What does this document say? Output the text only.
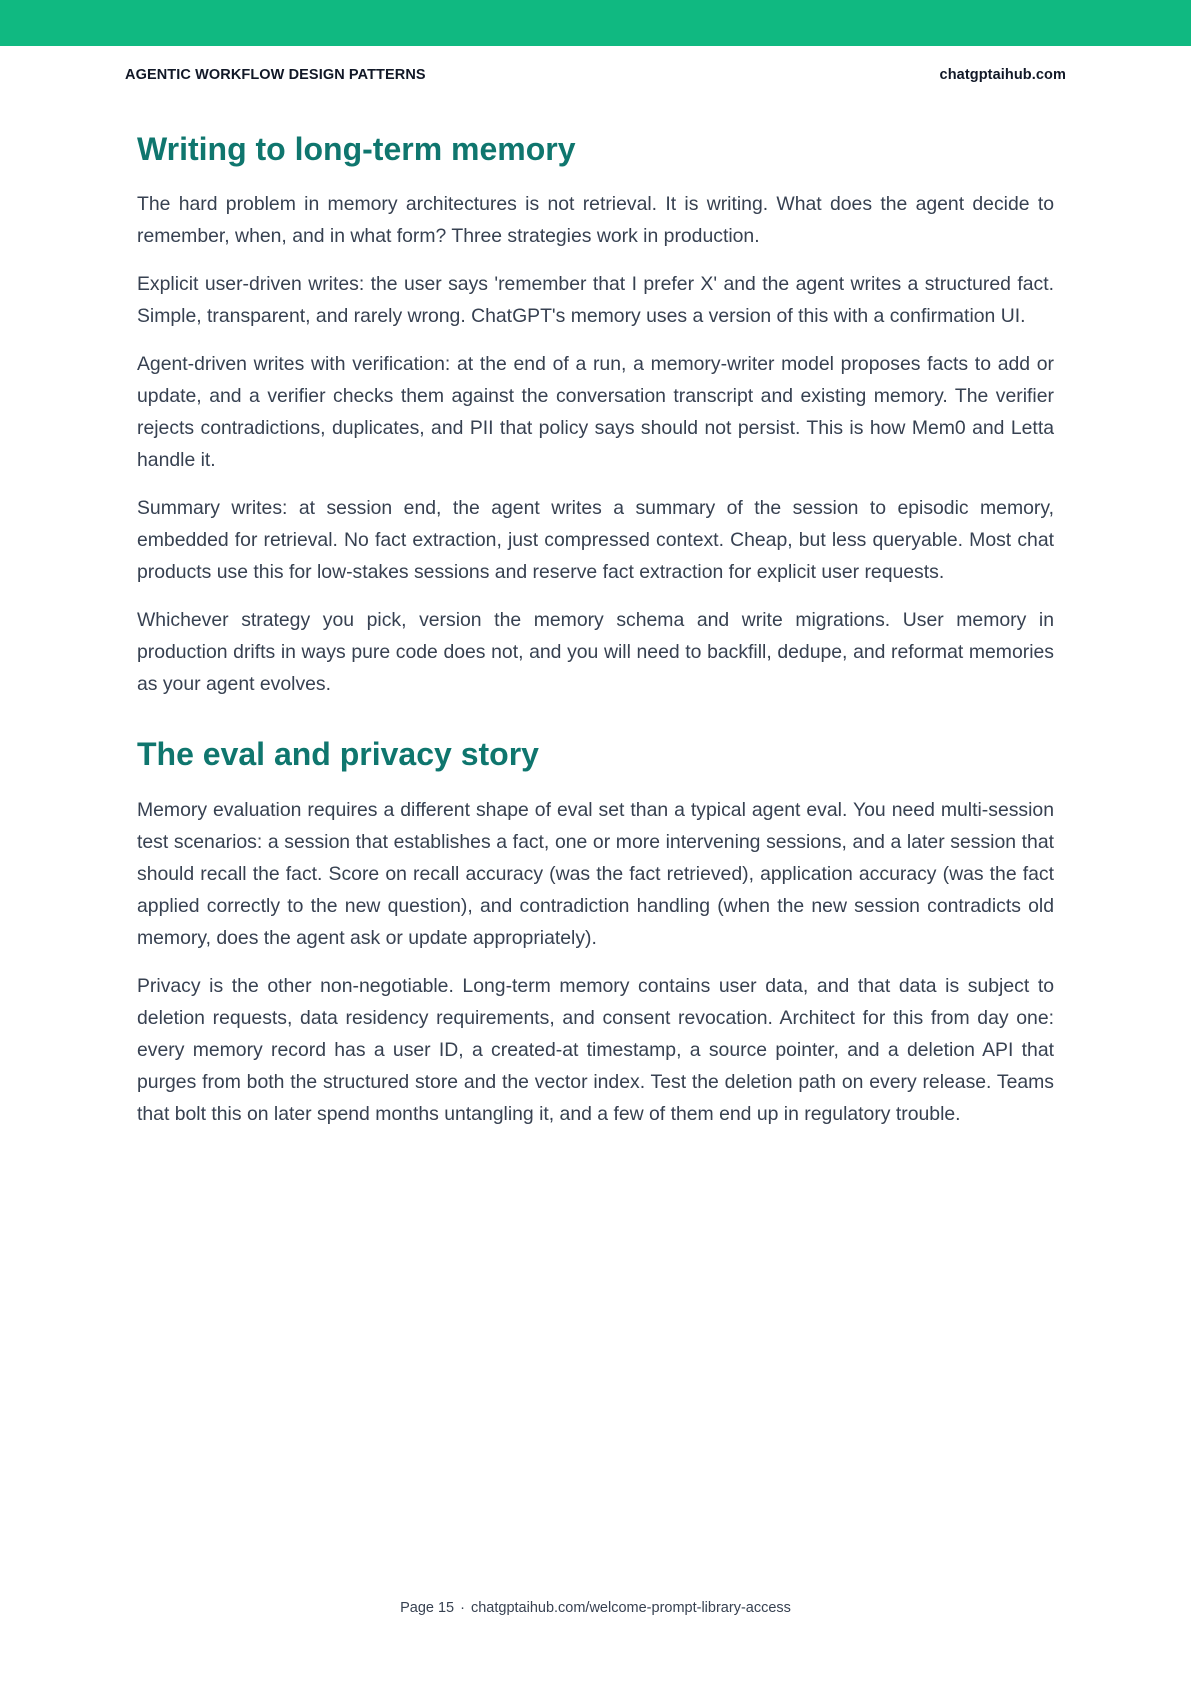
AGENTIC WORKFLOW DESIGN PATTERNS	chatgptaihub.com
Writing to long-term memory

The hard problem in memory architectures is not retrieval. It is writing. What does the agent decide to remember, when, and in what form? Three strategies work in production.

Explicit user-driven writes: the user says 'remember that I prefer X' and the agent writes a structured fact. Simple, transparent, and rarely wrong. ChatGPT's memory uses a version of this with a confirmation UI.

Agent-driven writes with verification: at the end of a run, a memory-writer model proposes facts to add or update, and a verifier checks them against the conversation transcript and existing memory. The verifier rejects contradictions, duplicates, and PII that policy says should not persist. This is how Mem0 and Letta handle it.

Summary writes: at session end, the agent writes a summary of the session to episodic memory, embedded for retrieval. No fact extraction, just compressed context. Cheap, but less queryable. Most chat products use this for low-stakes sessions and reserve fact extraction for explicit user requests.

Whichever strategy you pick, version the memory schema and write migrations. User memory in production drifts in ways pure code does not, and you will need to backfill, dedupe, and reformat memories as your agent evolves.

The eval and privacy story

Memory evaluation requires a different shape of eval set than a typical agent eval. You need multi-session test scenarios: a session that establishes a fact, one or more intervening sessions, and a later session that should recall the fact. Score on recall accuracy (was the fact retrieved), application accuracy (was the fact applied correctly to the new question), and contradiction handling (when the new session contradicts old memory, does the agent ask or update appropriately).

Privacy is the other non-negotiable. Long-term memory contains user data, and that data is subject to deletion requests, data residency requirements, and consent revocation. Architect for this from day one: every memory record has a user ID, a created-at timestamp, a source pointer, and a deletion API that purges from both the structured store and the vector index. Test the deletion path on every release. Teams that bolt this on later spend months untangling it, and a few of them end up in regulatory trouble.

Page 15 · chatgptaihub.com/welcome-prompt-library-access
